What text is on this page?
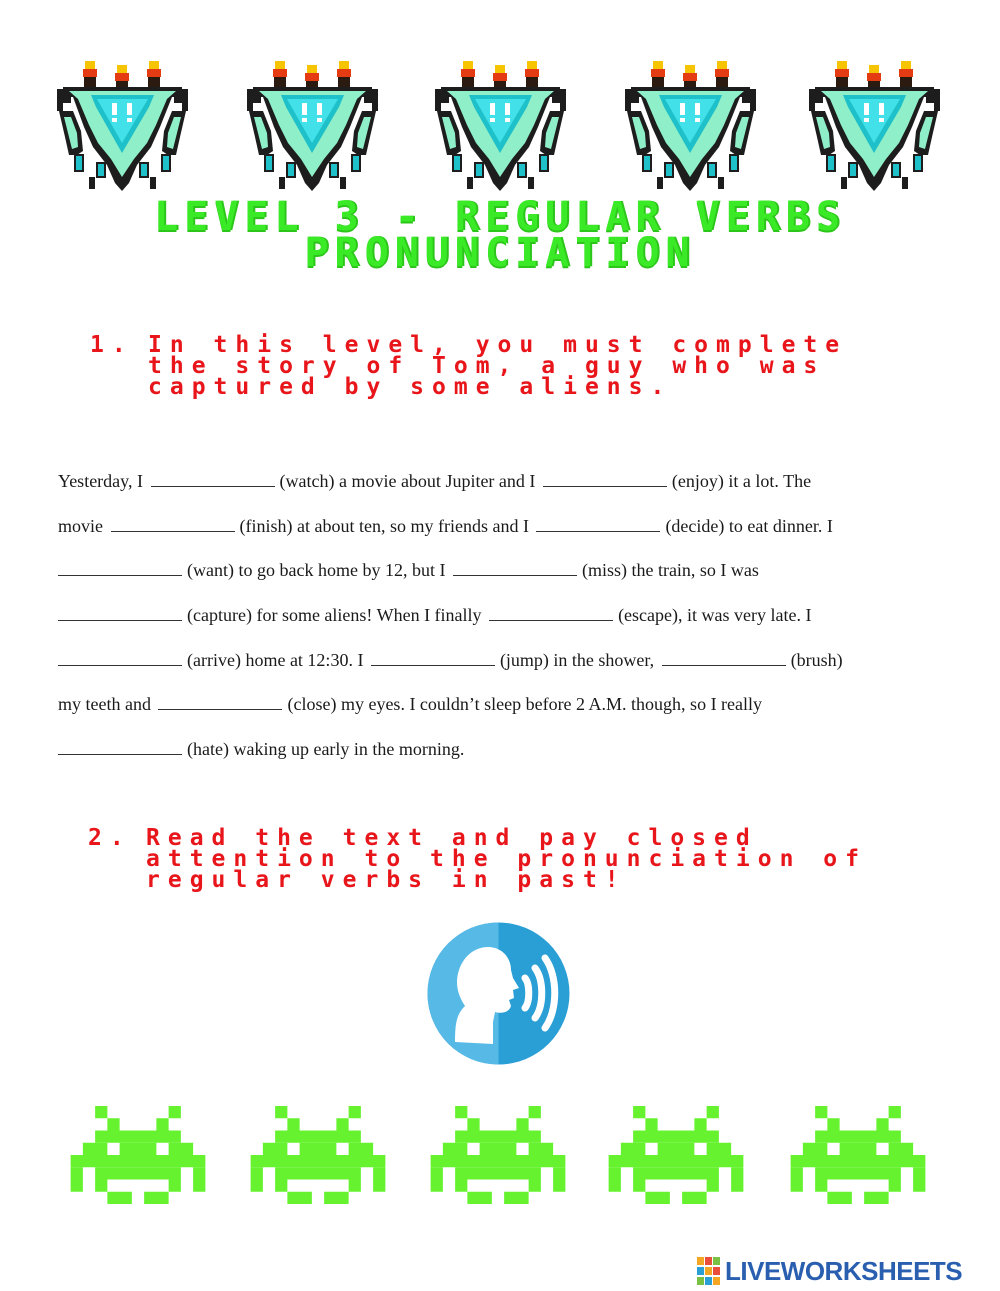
LEVEL 3 - REGULAR VERBS
PRONUNCIATION
1. In this level, you must complete the story of Tom, a guy who was captured by some aliens.
Yesterday, I	(watch) a movie about Jupiter and I	(enjoy) it a lot. The
movie	(finish) at about ten, so my friends and I	(decide) to eat dinner. I
(want) to go back home by 12, but I	(miss) the train, so I was
(capture) for some aliens! When I finally	(escape), it was very late. I
(arrive) home at 12:30. I	(jump) in the shower,	(brush)
my teeth and	(close) my eyes. I couldn’t sleep before 2 A.M. though, so I really
(hate) waking up early in the morning.
2. Read the text and pay closed attention to the pronunciation of regular verbs in past!
LIVEWORKSHEETS
